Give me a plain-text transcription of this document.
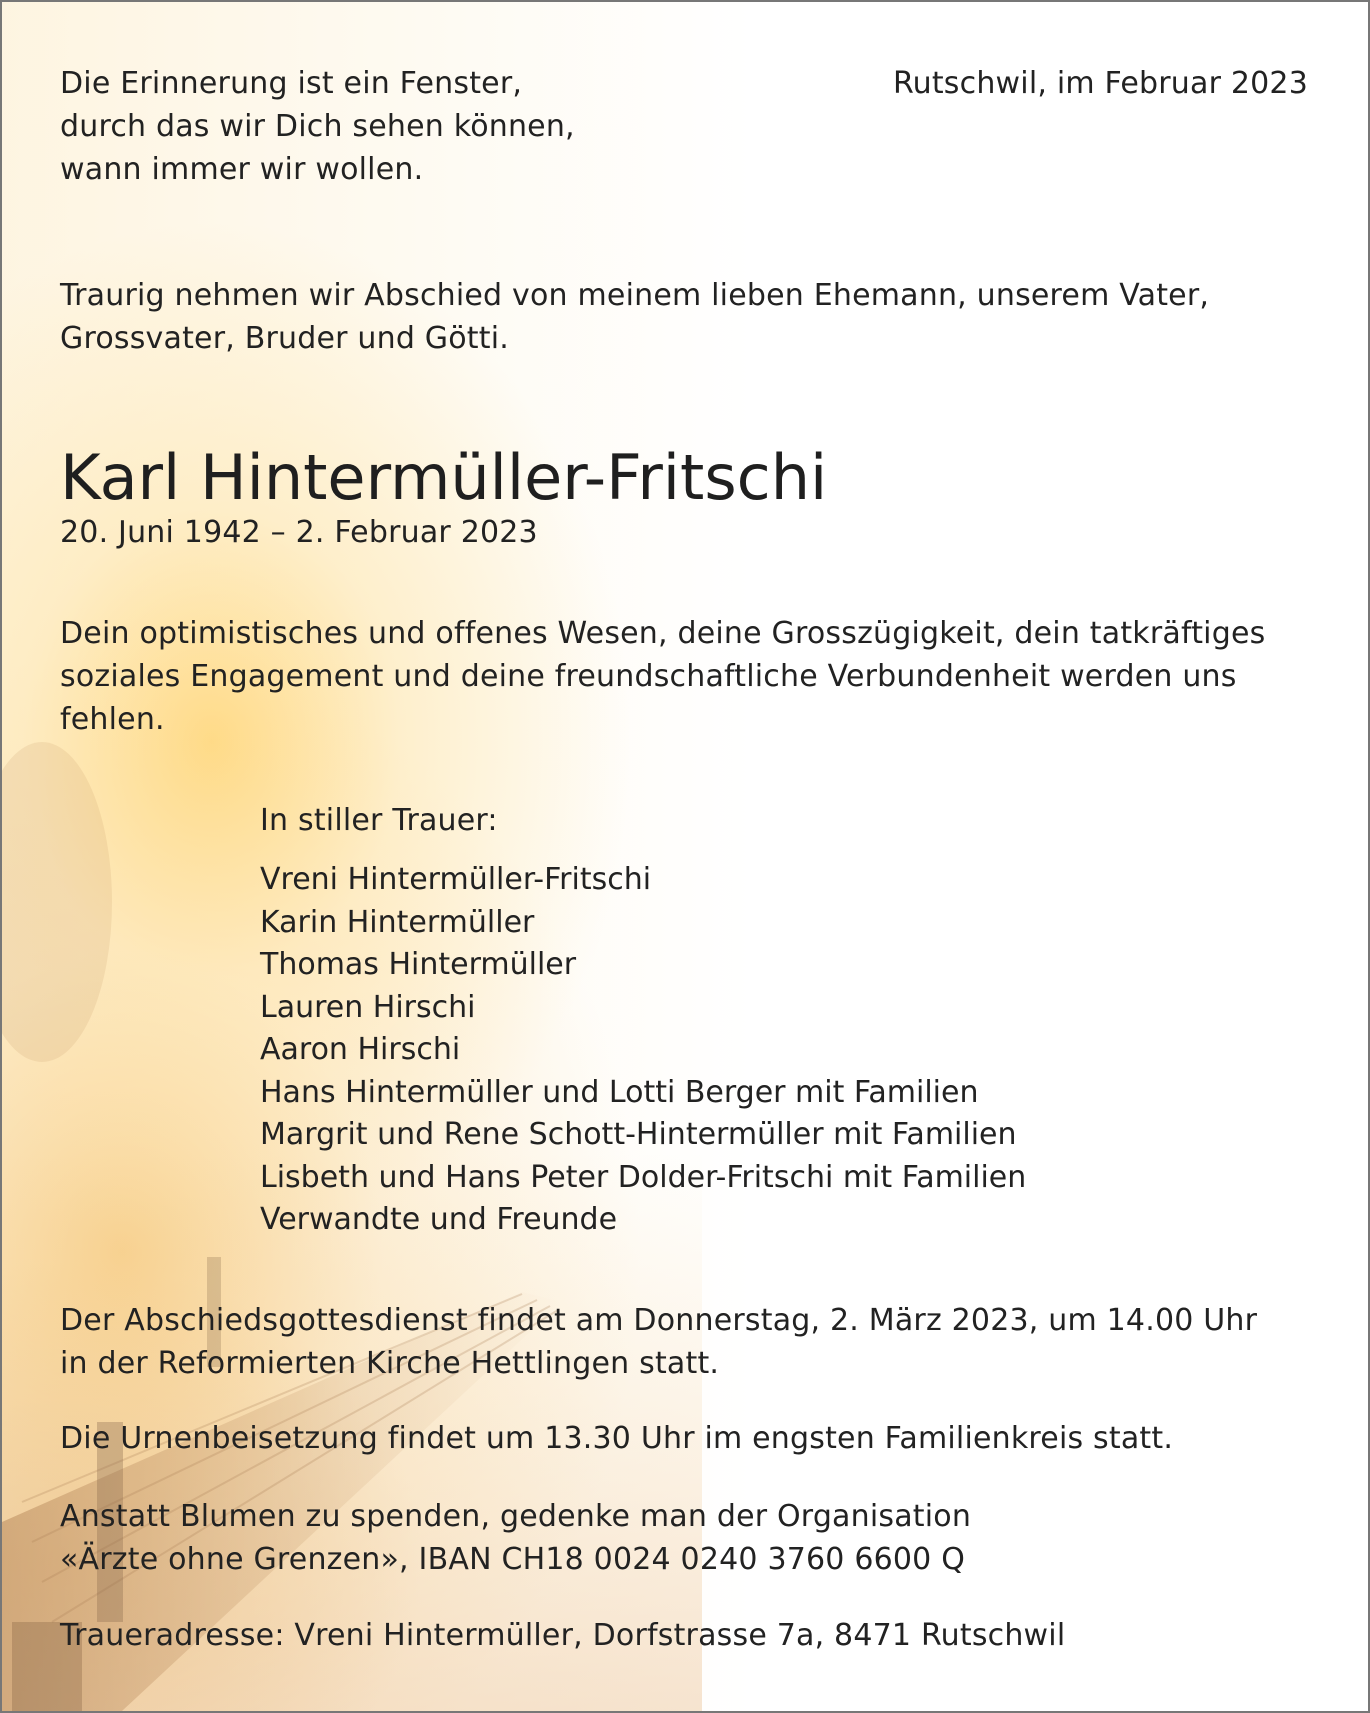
Die Erinnerung ist ein Fenster,
durch das wir Dich sehen können,
wann immer wir wollen.
Rutschwil, im Februar 2023
Traurig nehmen wir Abschied von meinem lieben Ehemann, unserem Vater,
Grossvater, Bruder und Götti.
Karl Hintermüller-Fritschi
20. Juni 1942 – 2. Februar 2023
Dein optimistisches und offenes Wesen, deine Grosszügigkeit, dein tatkräftiges
soziales Engagement und deine freundschaftliche Verbundenheit werden uns
fehlen.
In stiller Trauer:
Vreni Hintermüller-Fritschi
Karin Hintermüller
Thomas Hintermüller
Lauren Hirschi
Aaron Hirschi
Hans Hintermüller und Lotti Berger mit Familien
Margrit und Rene Schott-Hintermüller mit Familien
Lisbeth und Hans Peter Dolder-Fritschi mit Familien
Verwandte und Freunde
Der Abschiedsgottesdienst findet am Donnerstag, 2. März 2023, um 14.00 Uhr
in der Reformierten Kirche Hettlingen statt.
Die Urnenbeisetzung findet um 13.30 Uhr im engsten Familienkreis statt.
Anstatt Blumen zu spenden, gedenke man der Organisation
«Ärzte ohne Grenzen», IBAN CH18 0024 0240 3760 6600 Q
Traueradresse: Vreni Hintermüller, Dorfstrasse 7a, 8471 Rutschwil
